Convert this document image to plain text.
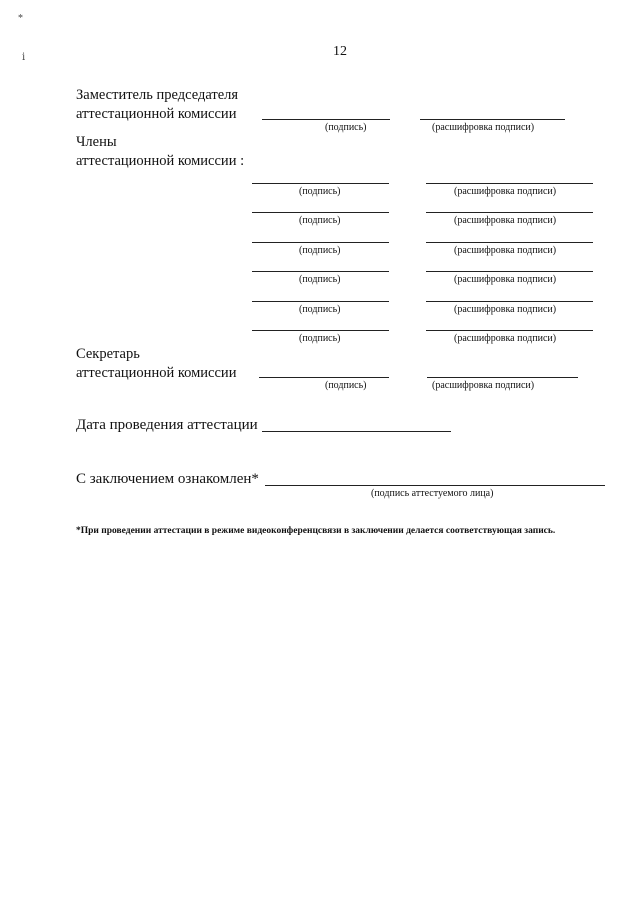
12
*
ⅰ
Заместитель председателя
аттестационной комиссии
(подпись)	(расшифровка подписи)
Члены
аттестационной комиссии :
(подпись)	(расшифровка подписи)
(подпись)	(расшифровка подписи)
(подпись)	(расшифровка подписи)
(подпись)	(расшифровка подписи)
(подпись)	(расшифровка подписи)
(подпись)	(расшифровка подписи)
Секретарь
аттестационной комиссии
(подпись)	(расшифровка подписи)
Дата проведения аттестации
С заключением ознакомлен*
(подпись аттестуемого лица)
*При проведении аттестации в режиме видеоконференцсвязи в заключении делается соответствующая запись.
